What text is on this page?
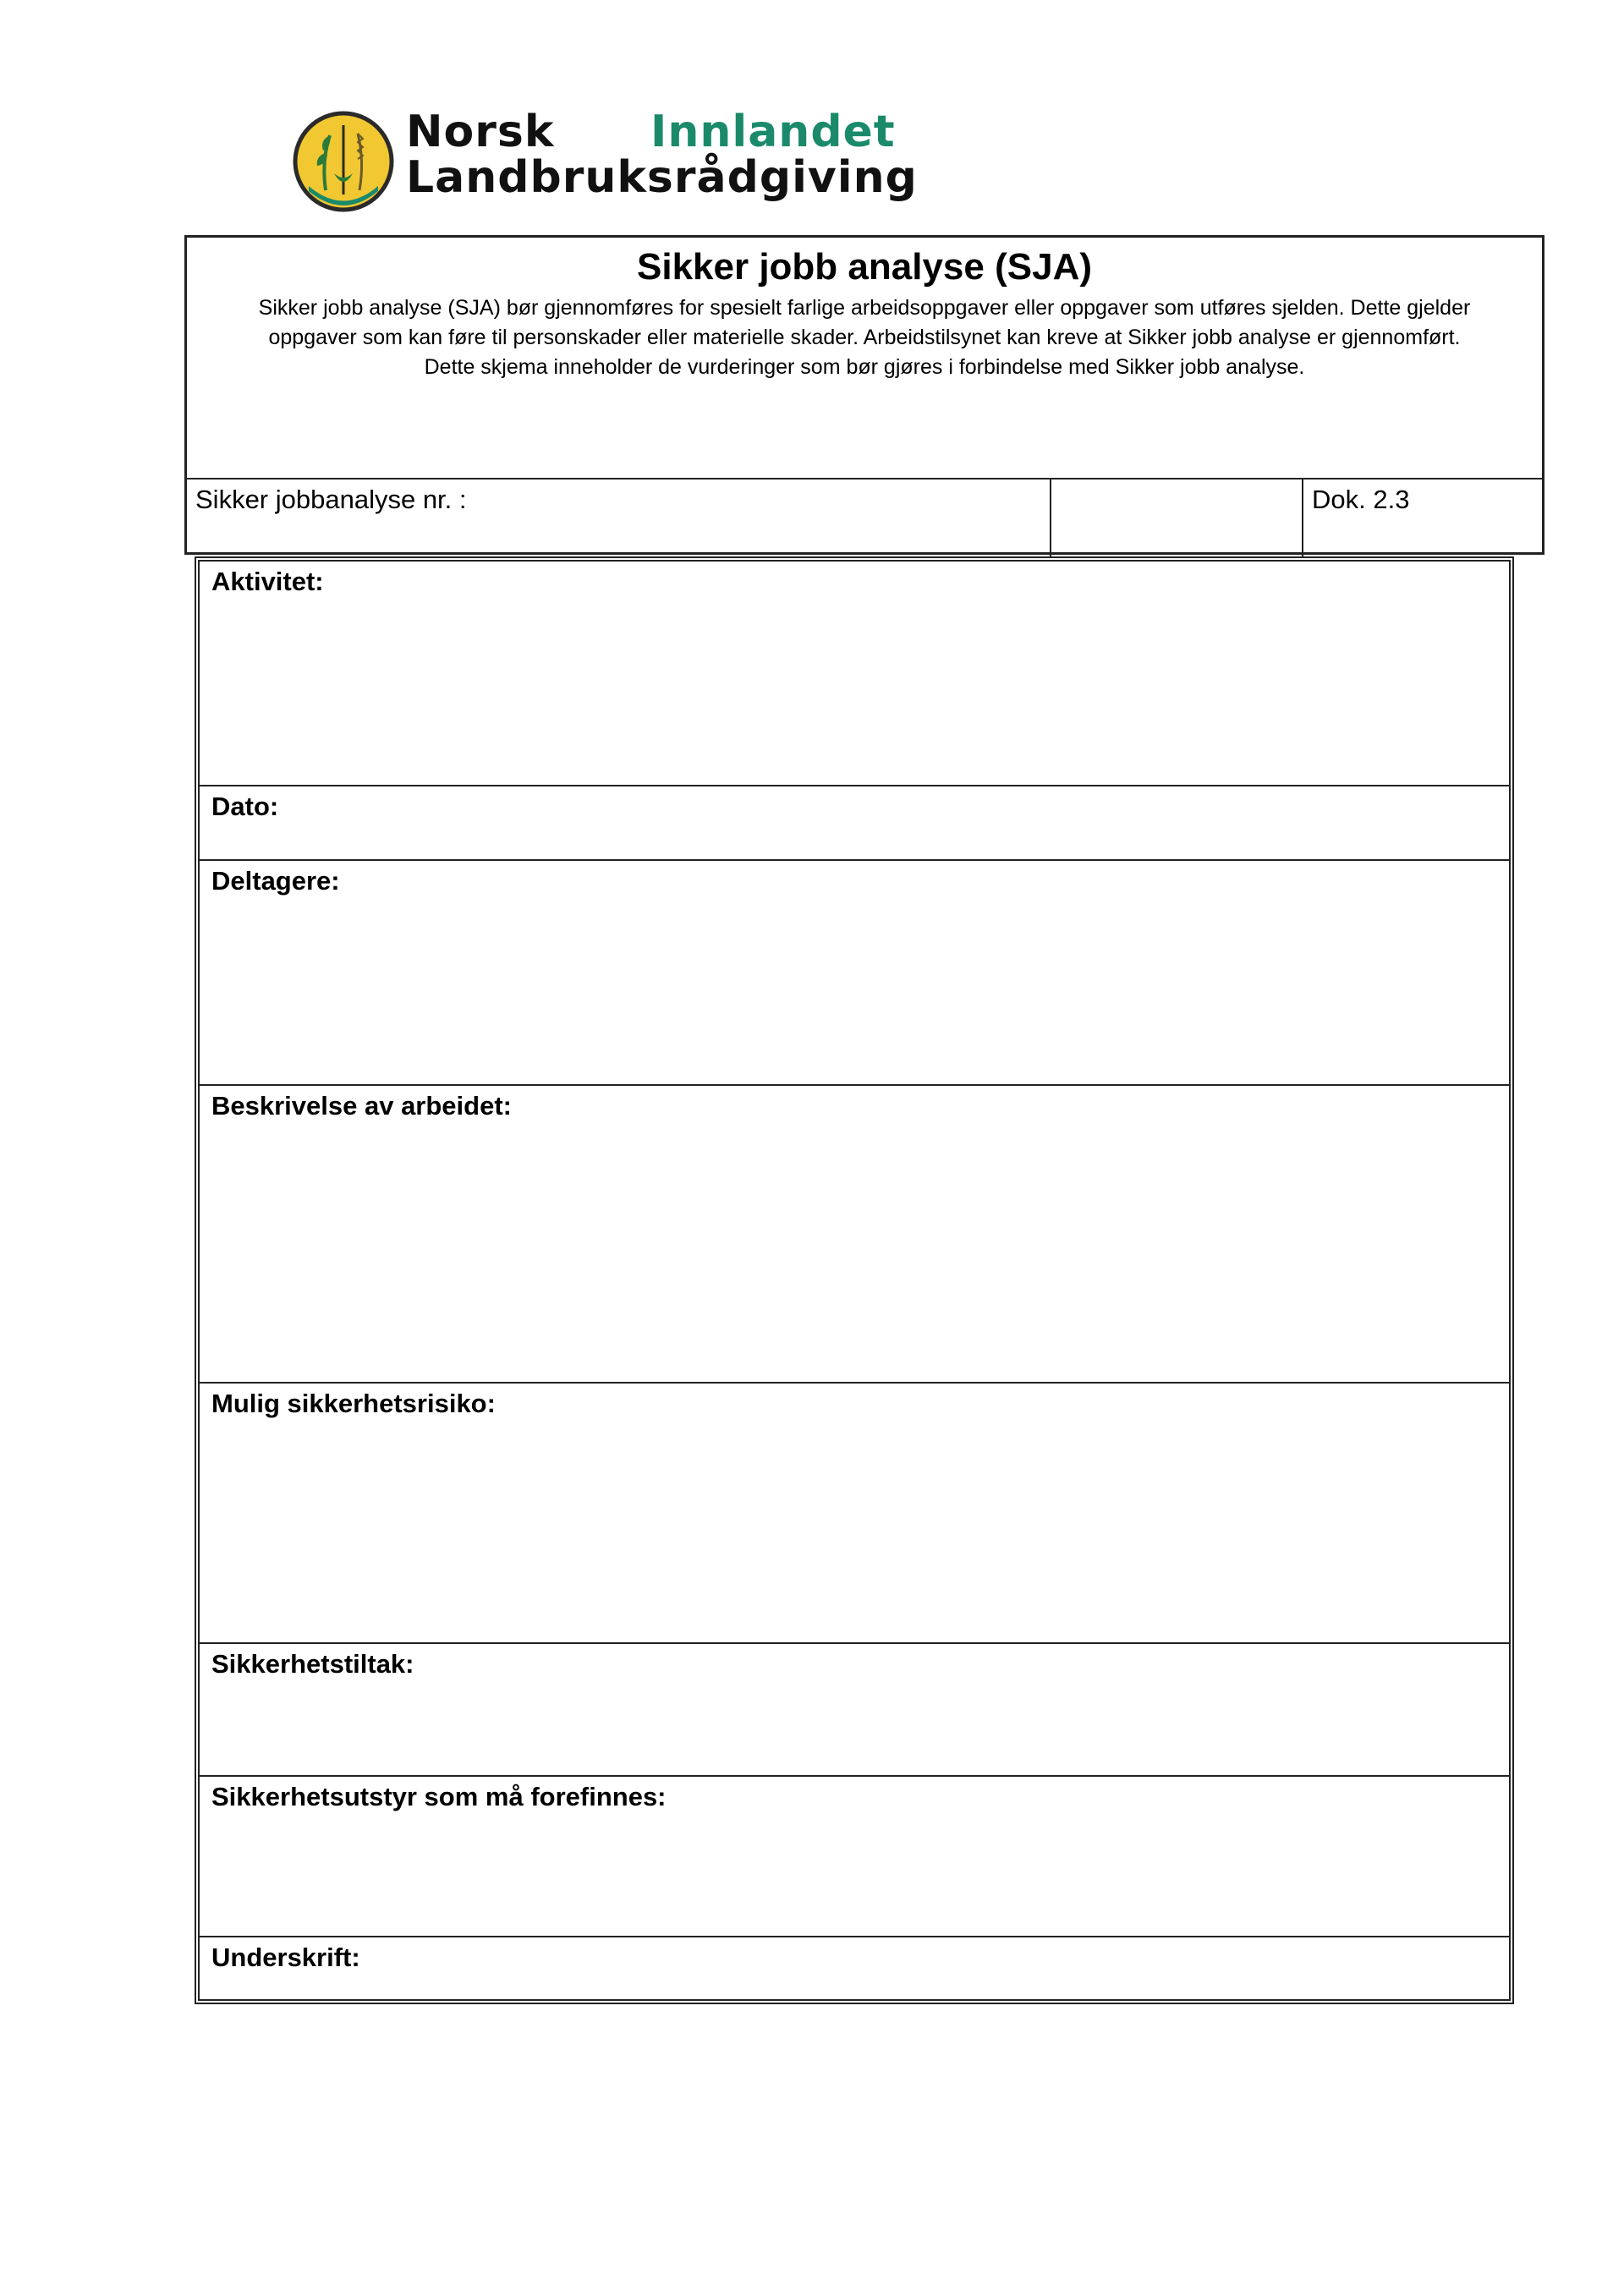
Norsk Innlandet
Landbruksrådgiving
Sikker jobb analyse (SJA)
Sikker jobb analyse (SJA) bør gjennomføres for spesielt farlige arbeidsoppgaver eller oppgaver som utføres sjelden. Dette gjelder
oppgaver som kan føre til personskader eller materielle skader. Arbeidstilsynet kan kreve at Sikker jobb analyse er gjennomført.
Dette skjema inneholder de vurderinger som bør gjøres i forbindelse med Sikker jobb analyse.
Sikker jobbanalyse nr. :	Dok. 2.3
Aktivitet:
Dato:
Deltagere:
Beskrivelse av arbeidet:
Mulig sikkerhetsrisiko:
Sikkerhetstiltak:
Sikkerhetsutstyr som må forefinnes:
Underskrift:
